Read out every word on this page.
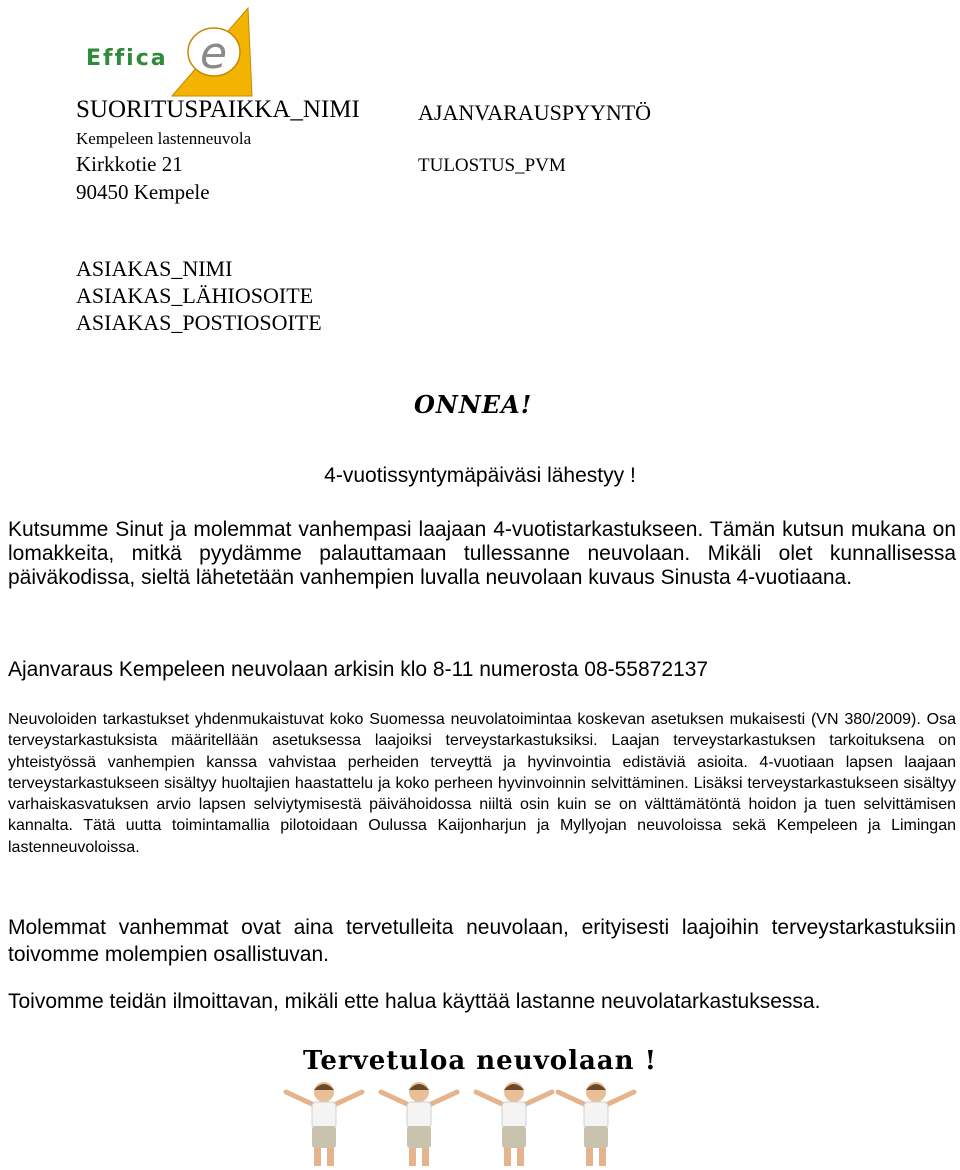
e
Effica
SUORITUSPAIKKA_NIMI
Kempeleen lastenneuvola
Kirkkotie 21
90450 Kempele
AJANVARAUSPYYNTÖ
TULOSTUS_PVM
ASIAKAS_NIMI
ASIAKAS_LÄHIOSOITE
ASIAKAS_POSTIOSOITE
ONNEA!
4-vuotissyntymäpäiväsi lähestyy !
Kutsumme Sinut ja molemmat vanhempasi laajaan 4-vuotistarkastukseen. Tämän kutsun mukana on lomakkeita, mitkä pyydämme palauttamaan tullessanne neuvolaan. Mikäli olet kunnallisessa päiväkodissa, sieltä lähetetään vanhempien luvalla neuvolaan kuvaus Sinusta 4-vuotiaana.
Ajanvaraus Kempeleen neuvolaan arkisin klo 8-11 numerosta 08-55872137
Neuvoloiden tarkastukset yhdenmukaistuvat koko Suomessa neuvolatoimintaa koskevan asetuksen mukaisesti (VN 380/2009). Osa terveystarkastuksista määritellään asetuksessa laajoiksi terveystarkastuksiksi. Laajan terveystarkastuksen tarkoituksena on yhteistyössä vanhempien kanssa vahvistaa perheiden terveyttä ja hyvinvointia edistäviä asioita. 4-vuotiaan lapsen laajaan terveystarkastukseen sisältyy huoltajien haastattelu ja koko perheen hyvinvoinnin selvittäminen. Lisäksi terveystarkastukseen sisältyy varhaiskasvatuksen arvio lapsen selviytymisestä päivähoidossa niiltä osin kuin se on välttämätöntä hoidon ja tuen selvittämisen kannalta. Tätä uutta toimintamallia pilotoidaan Oulussa Kaijonharjun ja Myllyojan neuvoloissa sekä Kempeleen ja Limingan lastenneuvoloissa.
Molemmat vanhemmat ovat aina tervetulleita neuvolaan, erityisesti laajoihin terveystarkastuksiin toivomme molempien osallistuvan.
Toivomme teidän ilmoittavan, mikäli ette halua käyttää lastanne neuvolatarkastuksessa.
Tervetuloa neuvolaan !
